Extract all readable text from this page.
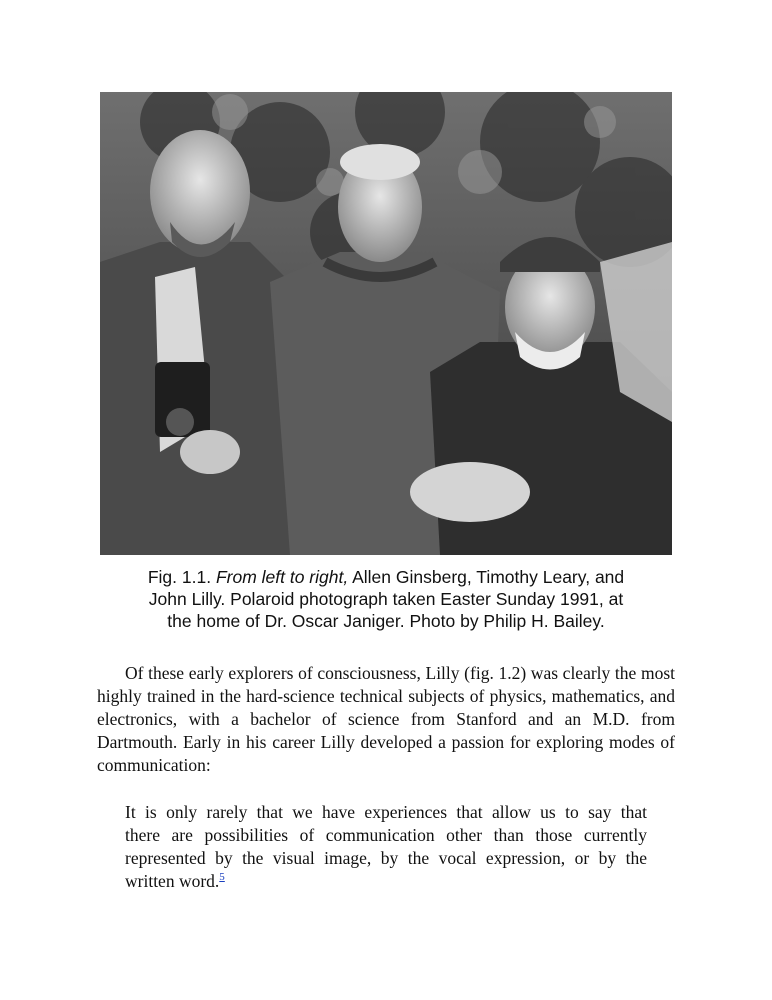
Fig. 1.1. From left to right, Allen Ginsberg, Timothy Leary, and
John Lilly. Polaroid photograph taken Easter Sunday 1991, at
the home of Dr. Oscar Janiger. Photo by Philip H. Bailey.

Of these early explorers of consciousness, Lilly (fig. 1.2) was clearly the most highly trained in the hard-science technical subjects of physics, mathematics, and electronics, with a bachelor of science from Stanford and an M.D. from Dartmouth. Early in his career Lilly developed a passion for exploring modes of communication:

It is only rarely that we have experiences that allow us to say that
there are possibilities of communication other than those currently
represented by the visual image, by the vocal expression, or by the
written word.$^5$
